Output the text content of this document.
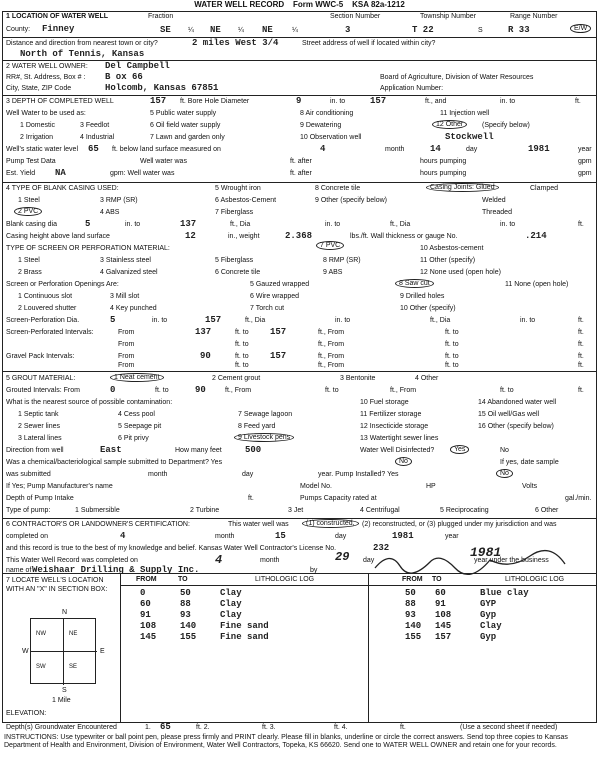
WATER WELL RECORD Form WWC-5 KSA 82a-1212
1 LOCATION OF WATER WELL	Fraction	Section Number	Township Number	Range Number
County: Finney	SE ¼ NE ¼ NE	¼	3	T 22	S	R 33	E/W
Distance and direction from nearest town or city?	2 miles West 3/4
North of Tennis, Kansas
Street address of well if located within city?
2 WATER WELL OWNER: Del Campbell
RR#, St. Address, Box # : B ox 66
City, State, ZIP Code	Holcomb, Kansas 67851
Board of Agriculture, Division of Water Resources
Application Number:
3 DEPTH OF COMPLETED WELL	157 ft. Bore Hole Diameter	9	in. to	157	ft., and	in. to	ft.
Well Water to be used as:
1 Domestic	3 Feedlot
5 Public water supply	8 Air conditioning	11 Injection well
2 Irrigation	4 Industrial
6 Oil field water supply	9 Dewatering	12 Other	(Specify below)
7 Lawn and garden only	10 Observation well	Stockwell
Well's static water level 65 ft. below land surface measured on	4	month	14	day	1981	year
Pump Test Data	Well water was	ft. after	hours pumping	gpm
Est. Yield NA	gpm: Well water was	ft. after	hours pumping	gpm
4 TYPE OF BLANK CASING USED:
1 Steel	3 RMP (SR)
5 Wrought iron	8 Concrete tile
2 PVC	4 ABS
6 Asbestos-Cement	9 Other (specify below)
7 Fiberglass
Casing Joints: Glued	Clamped
Welded
Threaded
Blank casing dia	5	in. to	137	ft., Dia	in. to	ft., Dia	in. to	ft.
Casing height above land surface	12	in., weight	2.368	lbs./ft. Wall thickness or gauge No.	.214
TYPE OF SCREEN OR PERFORATION MATERIAL:
1 Steel	3 Stainless steel	5 Fiberglass
7 PVC	10 Asbestos-cement
2 Brass	4 Galvanized steel	6 Concrete tile
8 RMP (SR)	11 Other (specify)
9 ABS	12 None used (open hole)
Screen or Perforation Openings Are:
1 Continuous slot	3 Mill slot
5 Gauzed wrapped	8 Saw cut	11 None (open hole)
2 Louvered shutter	4 Key punched
6 Wire wrapped	9 Drilled holes
7 Torch cut	10 Other (specify)
Screen-Perforation Dia.	5	in. to	157	ft., Dia	in. to	ft., Dia	in. to	ft.
Screen-Perforated Intervals:	From	137	ft. to 157	ft., From	ft. to	ft.
From	ft. to	ft., From	ft. to	ft.
Gravel Pack Intervals:	From	90	ft. to 157	ft., From	ft. to	ft.
From	ft. to	ft., From	ft. to	ft.
5 GROUT MATERIAL:	1 Neat cement	2 Cement grout	3 Bentonite	4 Other
Grouted Intervals: From	0	ft. to	90	ft., From	ft. to	ft., From	ft. to	ft.
What is the nearest source of possible contamination:
1 Septic tank	4 Cess pool	7 Sewage lagoon
10 Fuel storage	14 Abandoned water well
2 Sewer lines	5 Seepage pit	8 Feed yard
11 Fertilizer storage	15 Oil well/Gas well
3 Lateral lines	6 Pit privy	9 Livestock pens
12 Insecticide storage	16 Other (specify below)
13 Watertight sewer lines
Direction from well	East	How many feet	500	Water Well Disinfected?	Yes	No
Was a chemical/bacteriological sample submitted to Department? Yes	No	If yes, date sample
was submitted	month	day	year. Pump Installed? Yes	No
If Yes; Pump Manufacturer's name	Model No.	HP	Volts
Depth of Pump Intake	ft.	Pumps Capacity rated at	gal./min.
Type of pump:	1 Submersible	2 Turbine	3 Jet	4 Centrifugal	5 Reciprocating	6 Other
6 CONTRACTOR'S OR LANDOWNER'S CERTIFICATION:	This water well was	(1) constructed,	(2) reconstructed, or (3) plugged under my jurisdiction and was
completed on	4	month	15	day	1981	year
and this record is true to the best of my knowledge and belief. Kansas Water Well Contractor's License No.	232
This Water Well Record was completed on	4	month	29 day
1981
year under the business
name of Weishaar Drilling & Supply Inc.	by
7 LOCATE WELL'S LOCATION WITH AN "X" IN SECTION BOX:
NW	NE
SW	SE
N
S
W	E
1 Mile
ELEVATION:
FROM	TO	LITHOLOGIC LOG	FROM TO	LITHOLOGIC LOG
0	50	Clay
60	88	Clay
91	93	Clay
108	140	Fine sand
145	155	Fine sand
50 60	Blue clay
88 91	GYP
93 108	Gyp
140 145	Clay
155 157	Gyp
Depth(s) Groundwater Encountered	1. 65	ft. 2.	ft. 3.	ft. 4.	ft.	(Use a second sheet if needed)
INSTRUCTIONS: Use typewriter or ball point pen, please press firmly and PRINT clearly. Please fill in blanks, underline or circle the correct answers. Send top three copies to Kansas Department of Health and Environment, Division of Environment, Water Well Contractors, Topeka, KS 66620. Send one to WATER WELL OWNER and retain one for your records.
